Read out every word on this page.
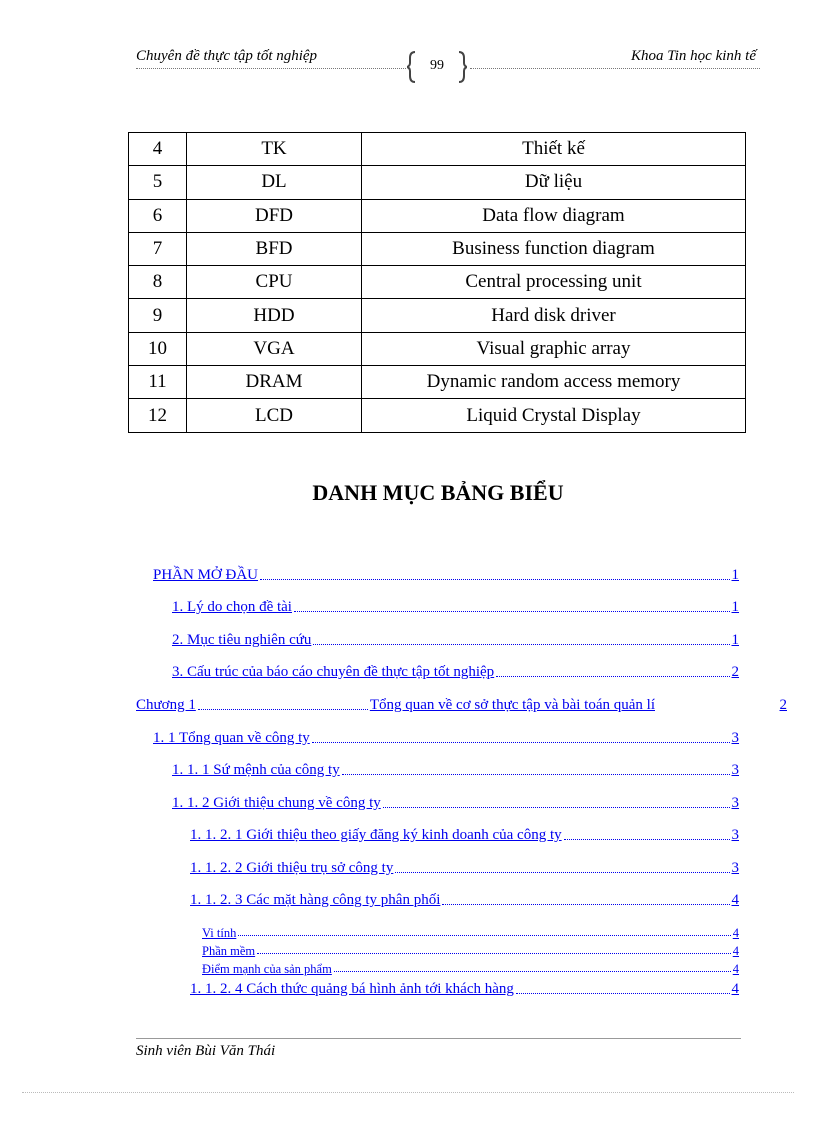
Chuyên đề thực tập tốt nghiệp
99
Khoa Tin học kinh tế
4	TK	Thiết kế
5	DL	Dữ liệu
6	DFD	Data flow diagram
7	BFD	Business function diagram
8	CPU	Central processing unit
9	HDD	Hard disk driver
10	VGA	Visual graphic array
11	DRAM	Dynamic random access memory
12	LCD	Liquid Crystal Display
DANH MỤC BẢNG BIỂU
PHẦN MỞ ĐẦU	1
1. Lý do chọn đề tài	1
2. Mục tiêu nghiên cứu	1
3. Cấu trúc của báo cáo chuyên đề thực tập tốt nghiệp	2
Chương 1	Tổng quan về cơ sở thực tập và bài toán quản lí	2
1. 1 Tổng quan về công ty	3
1. 1. 1 Sứ mệnh của công ty	3
1. 1. 2 Giới thiệu chung về công ty	3
1. 1. 2. 1 Giới thiệu theo giấy đăng ký kinh doanh của công ty	3
1. 1. 2. 2 Giới thiệu trụ sở công ty	3
1. 1. 2. 3 Các mặt hàng công ty phân phối	4
Vi tính	4
Phần mềm	4
Điểm mạnh của sản phẩm	4
1. 1. 2. 4 Cách thức quảng bá hình ảnh tới khách hàng	4
Sinh viên Bùi Văn Thái
